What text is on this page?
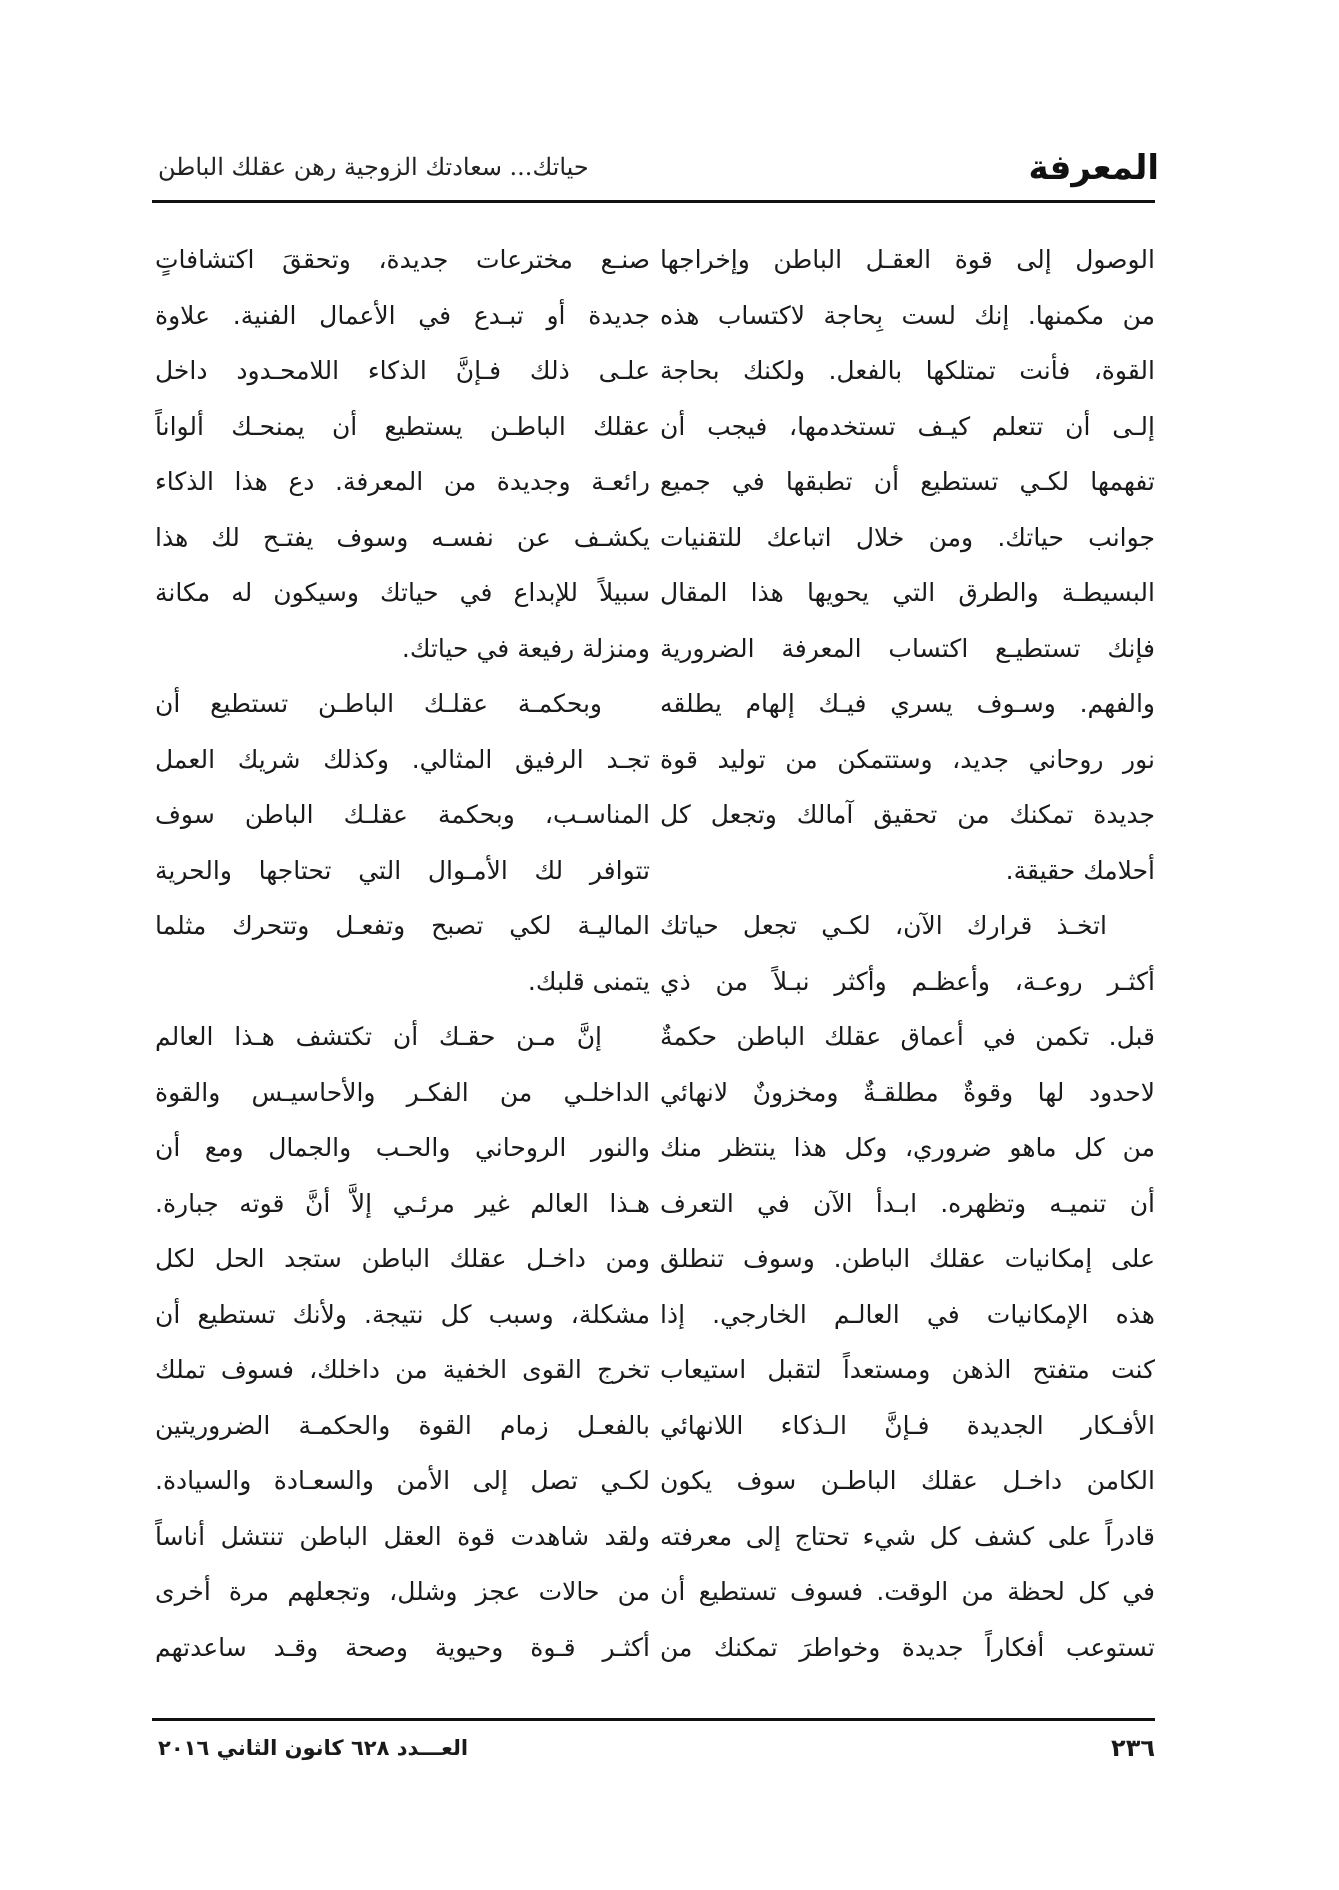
المعرفة
حياتك... سعادتك الزوجية رهن عقلك الباطن
الوصول إلى قوة العقـل الباطن وإخراجها
من مكمنها. إنك لست بِحاجة لاكتساب هذه
القوة، فأنت تمتلكها بالفعل. ولكنك بحاجة
إلـى أن تتعلم كيـف تستخدمها، فيجب أن
تفهمها لكـي تستطيع أن تطبقها في جميع
جوانب حياتك. ومن خلال اتباعك للتقنيات
البسيطـة والطرق التي يحويها هذا المقال
فإنك تستطيـع اكتساب المعرفة الضرورية
والفهم. وسـوف يسري فيـك إلهام يطلقه
نور روحاني جديد، وستتمكن من توليد قوة
جديدة تمكنك من تحقيق آمالك وتجعل كل
أحلامك حقيقة.
اتخـذ قرارك الآن، لكـي تجعل حياتك
أكثـر روعـة، وأعظـم وأكثر نبـلاً من ذي
قبل. تكمن في أعماق عقلك الباطن حكمةٌ
لاحدود لها وقوةٌ مطلقـةٌ ومخزونٌ لانهائي
من كل ماهو ضروري، وكل هذا ينتظر منك
أن تنميـه وتظهره. ابـدأ الآن في التعرف
على إمكانيات عقلك الباطن. وسوف تنطلق
هذه الإمكانيات في العالـم الخارجي. إذا
كنت متفتح الذهن ومستعداً لتقبل استيعاب
الأفـكار الجديدة فـإنَّ الـذكاء اللانهائي
الكامن داخـل عقلك الباطـن سوف يكون
قادراً على كشف كل شيء تحتاج إلى معرفته
في كل لحظة من الوقت. فسوف تستطيع أن
تستوعب أفكاراً جديدة وخواطرَ تمكنك من
صنـع مخترعات جديدة، وتحققَ اكتشافاتٍ
جديدة أو تبـدع في الأعمال الفنية. علاوة
علـى ذلك فـإنَّ الذكاء اللامحـدود داخل
عقلك الباطـن يستطيع أن يمنحـك ألواناً
رائعـة وجديدة من المعرفة. دع هذا الذكاء
يكشـف عن نفسـه وسوف يفتـح لك هذا
سبيلاً للإبداع في حياتك وسيكون له مكانة
ومنزلة رفيعة في حياتك.
وبحكمـة عقلـك الباطـن تستطيع أن
تجـد الرفيق المثالي. وكذلك شريك العمل
المناسـب، وبحكمة عقلـك الباطن سوف
تتوافر لك الأمـوال التي تحتاجها والحرية
الماليـة لكي تصبح وتفعـل وتتحرك مثلما
يتمنى قلبك.
إنَّ مـن حقـك أن تكتشف هـذا العالم
الداخلـي من الفكـر والأحاسيـس والقوة
والنور الروحاني والحـب والجمال ومع أن
هـذا العالم غير مرئـي إلاَّ أنَّ قوته جبارة.
ومن داخـل عقلك الباطن ستجد الحل لكل
مشكلة، وسبب كل نتيجة. ولأنك تستطيع أن
تخرج القوى الخفية من داخلك، فسوف تملك
بالفعـل زمام القوة والحكمـة الضروريتين
لكـي تصل إلى الأمن والسعـادة والسيادة.
ولقد شاهدت قوة العقل الباطن تنتشل أناساً
من حالات عجز وشلل، وتجعلهم مرة أخرى
أكثـر قـوة وحيوية وصحة وقـد ساعدتهم
٢٣٦
العـــدد ٦٢٨ كانون الثاني ٢٠١٦
